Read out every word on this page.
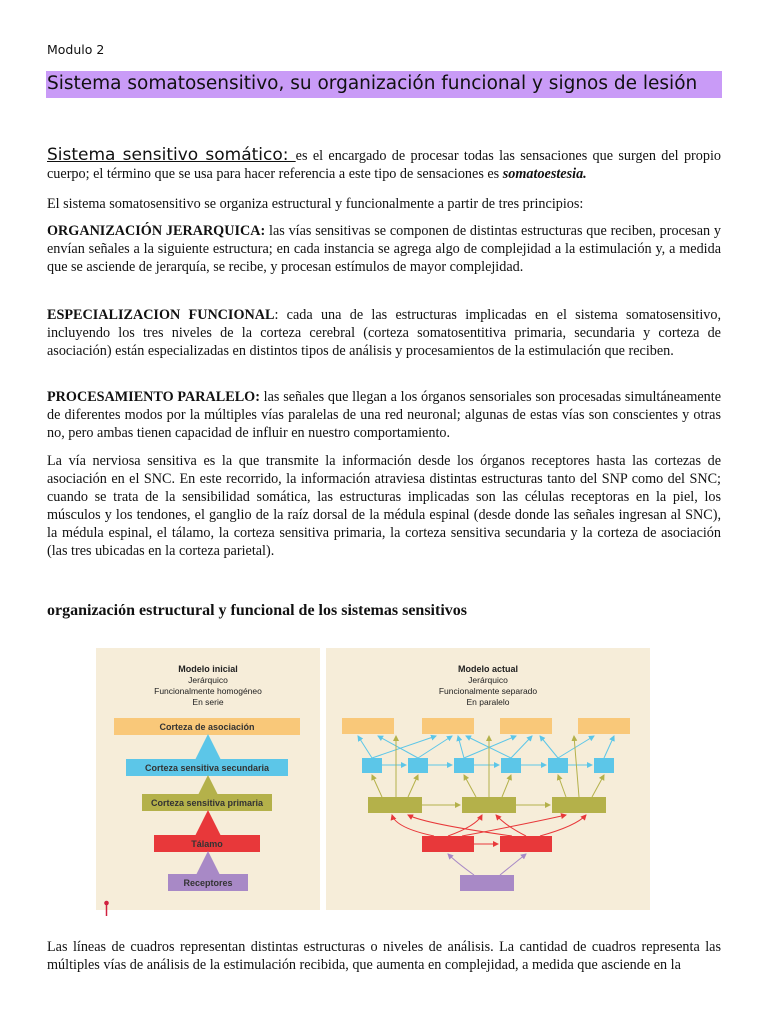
Modulo 2
Sistema somatosensitivo, su organización funcional y signos de lesión

Sistema sensitivo somático: es el encargado de procesar todas las sensaciones que surgen del propio cuerpo; el término que se usa para hacer referencia a este tipo de sensaciones es somatoestesia.

El sistema somatosensitivo se organiza estructural y funcionalmente a partir de tres principios:

ORGANIZACIÓN JERARQUICA: las vías sensitivas se componen de distintas estructuras que reciben, procesan y envían señales a la siguiente estructura; en cada instancia se agrega algo de complejidad a la estimulación y, a medida que se asciende de jerarquía, se recibe, y procesan estímulos de mayor complejidad.

ESPECIALIZACION FUNCIONAL: cada una de las estructuras implicadas en el sistema somatosensitivo, incluyendo los tres niveles de la corteza cerebral (corteza somatosentitiva primaria, secundaria y corteza de asociación) están especializadas en distintos tipos de análisis y procesamientos de la estimulación que reciben.

PROCESAMIENTO PARALELO: las señales que llegan a los órganos sensoriales son procesadas simultáneamente de diferentes modos por la múltiples vías paralelas de una red neuronal; algunas de estas vías son conscientes y otras no, pero ambas tienen capacidad de influir en nuestro comportamiento.

La vía nerviosa sensitiva es la que transmite la información desde los órganos receptores hasta las cortezas de asociación en el SNC. En este recorrido, la información atraviesa distintas estructuras tanto del SNP como del SNC; cuando se trata de la sensibilidad somática, las estructuras implicadas son las células receptoras en la piel, los músculos y los tendones, el ganglio de la raíz dorsal de la médula espinal (desde donde las señales ingresan al SNC), la médula espinal, el tálamo, la corteza sensitiva primaria, la corteza sensitiva secundaria y la corteza de asociación (las tres ubicadas en la corteza parietal).

organización estructural y funcional de los sistemas sensitivos
Modelo inicial
Jerárquico
Funcionalmente homogéneo
En serie
Corteza de asociación
Corteza sensitiva secundaria
Corteza sensitiva primaria
Tálamo
Receptores
Modelo actual
Jerárquico
Funcionalmente separado
En paralelo

Las líneas de cuadros representan distintas estructuras o niveles de análisis. La cantidad de cuadros representa las múltiples vías de análisis de la estimulación recibida, que aumenta en complejidad, a medida que asciende en la
